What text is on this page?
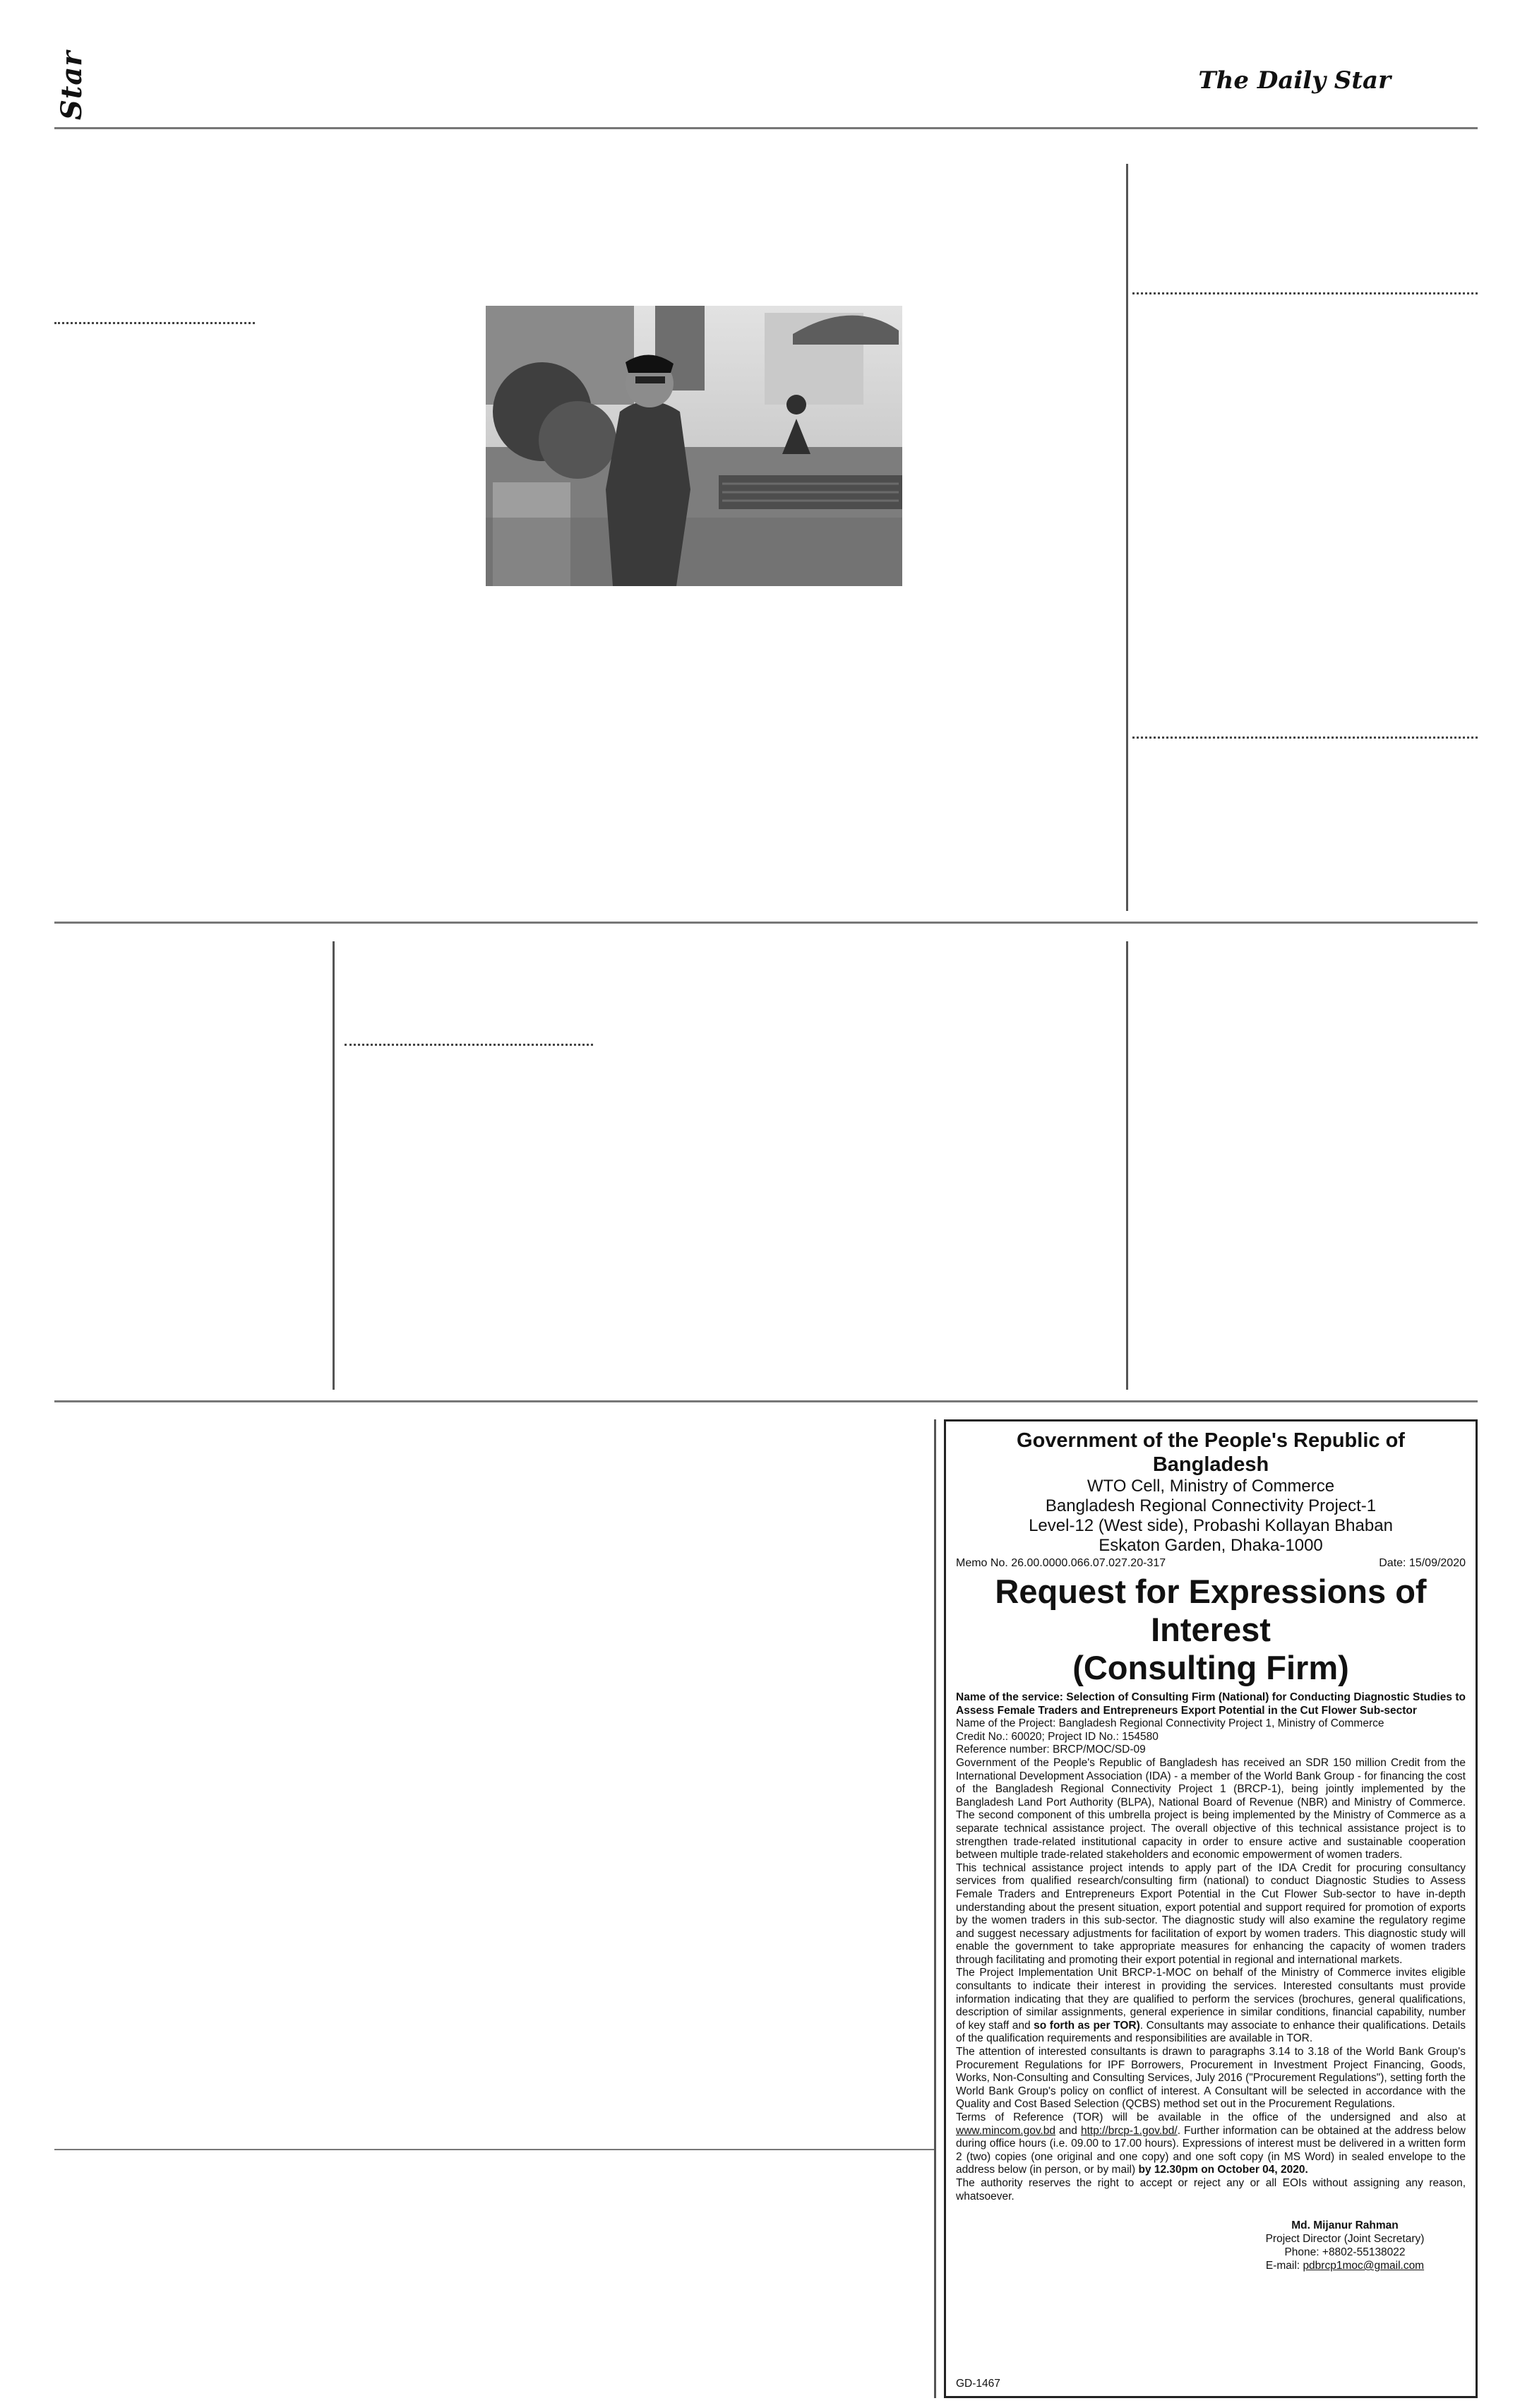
Star	The Daily Star
Government of the People's Republic of Bangladesh
WTO Cell, Ministry of Commerce
Bangladesh Regional Connectivity Project-1
Level-12 (West side), Probashi Kollayan Bhaban
Eskaton Garden, Dhaka-1000
Memo No. 26.00.0000.066.07.027.20-317	Date: 15/09/2020
Request for Expressions of Interest
(Consulting Firm)

Name of the service: Selection of Consulting Firm (National) for Conducting Diagnostic Studies to Assess Female Traders and Entrepreneurs Export Potential in the Cut Flower Sub-sector

Name of the Project: Bangladesh Regional Connectivity Project 1, Ministry of Commerce

Credit No.: 60020; Project ID No.: 154580

Reference number: BRCP/MOC/SD-09

Government of the People's Republic of Bangladesh has received an SDR 150 million Credit from the International Development Association (IDA) - a member of the World Bank Group - for financing the cost of the Bangladesh Regional Connectivity Project 1 (BRCP-1), being jointly implemented by the Bangladesh Land Port Authority (BLPA), National Board of Revenue (NBR) and Ministry of Commerce. The second component of this umbrella project is being implemented by the Ministry of Commerce as a separate technical assistance project. The overall objective of this technical assistance project is to strengthen trade-related institutional capacity in order to ensure active and sustainable cooperation between multiple trade-related stakeholders and economic empowerment of women traders.

This technical assistance project intends to apply part of the IDA Credit for procuring consultancy services from qualified research/consulting firm (national) to conduct Diagnostic Studies to Assess Female Traders and Entrepreneurs Export Potential in the Cut Flower Sub-sector to have in-depth understanding about the present situation, export potential and support required for promotion of exports by the women traders in this sub-sector. The diagnostic study will also examine the regulatory regime and suggest necessary adjustments for facilitation of export by women traders. This diagnostic study will enable the government to take appropriate measures for enhancing the capacity of women traders through facilitating and promoting their export potential in regional and international markets.

The Project Implementation Unit BRCP-1-MOC on behalf of the Ministry of Commerce invites eligible consultants to indicate their interest in providing the services. Interested consultants must provide information indicating that they are qualified to perform the services (brochures, general qualifications, description of similar assignments, general experience in similar conditions, financial capability, number of key staff and so forth as per TOR). Consultants may associate to enhance their qualifications. Details of the qualification requirements and responsibilities are available in TOR.

The attention of interested consultants is drawn to paragraphs 3.14 to 3.18 of the World Bank Group's Procurement Regulations for IPF Borrowers, Procurement in Investment Project Financing, Goods, Works, Non-Consulting and Consulting Services, July 2016 ("Procurement Regulations"), setting forth the World Bank Group's policy on conflict of interest. A Consultant will be selected in accordance with the Quality and Cost Based Selection (QCBS) method set out in the Procurement Regulations.

Terms of Reference (TOR) will be available in the office of the undersigned and also at www.mincom.gov.bd and http://brcp-1.gov.bd/. Further information can be obtained at the address below during office hours (i.e. 09.00 to 17.00 hours). Expressions of interest must be delivered in a written form 2 (two) copies (one original and one copy) and one soft copy (in MS Word) in sealed envelope to the address below (in person, or by mail) by 12.30pm on October 04, 2020.

The authority reserves the right to accept or reject any or all EOIs without assigning any reason, whatsoever.

Md. Mijanur Rahman
Project Director (Joint Secretary)
Phone: +8802-55138022
E-mail: pdbrcp1moc@gmail.com
GD-1467
